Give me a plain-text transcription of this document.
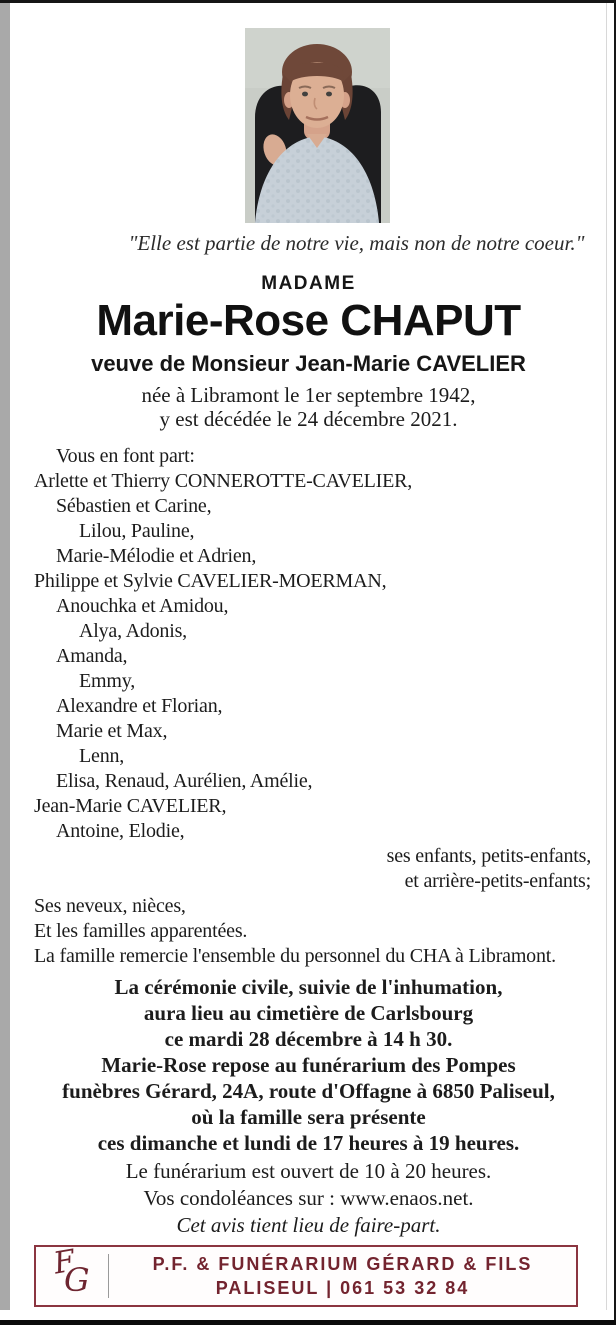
"Elle est partie de notre vie, mais non de notre coeur."
MADAME
Marie-Rose CHAPUT
veuve de Monsieur Jean-Marie CAVELIER
née à Libramont le 1er septembre 1942,
y est décédée le 24 décembre 2021.
Vous en font part:
Arlette et Thierry CONNEROTTE-CAVELIER,
Sébastien et Carine,
Lilou, Pauline,
Marie-Mélodie et Adrien,
Philippe et Sylvie CAVELIER-MOERMAN,
Anouchka et Amidou,
Alya, Adonis,
Amanda,
Emmy,
Alexandre et Florian,
Marie et Max,
Lenn,
Elisa, Renaud, Aurélien, Amélie,
Jean-Marie CAVELIER,
Antoine, Elodie,
ses enfants, petits-enfants,
et arrière-petits-enfants;
Ses neveux, nièces,
Et les familles apparentées.
La famille remercie l'ensemble du personnel du CHA à Libramont.
La cérémonie civile, suivie de l'inhumation,
aura lieu au cimetière de Carlsbourg
ce mardi 28 décembre à 14 h 30.
Marie-Rose repose au funérarium des Pompes
funèbres Gérard, 24A, route d'Offagne à 6850 Paliseul,
où la famille sera présente
ces dimanche et lundi de 17 heures à 19 heures.
Le funérarium est ouvert de 10 à 20 heures.
Vos condoléances sur : www.enaos.net.
Cet avis tient lieu de faire-part.
F
G	P.F. & FUNÉRARIUM GÉRARD & FILS
PALISEUL | 061 53 32 84
